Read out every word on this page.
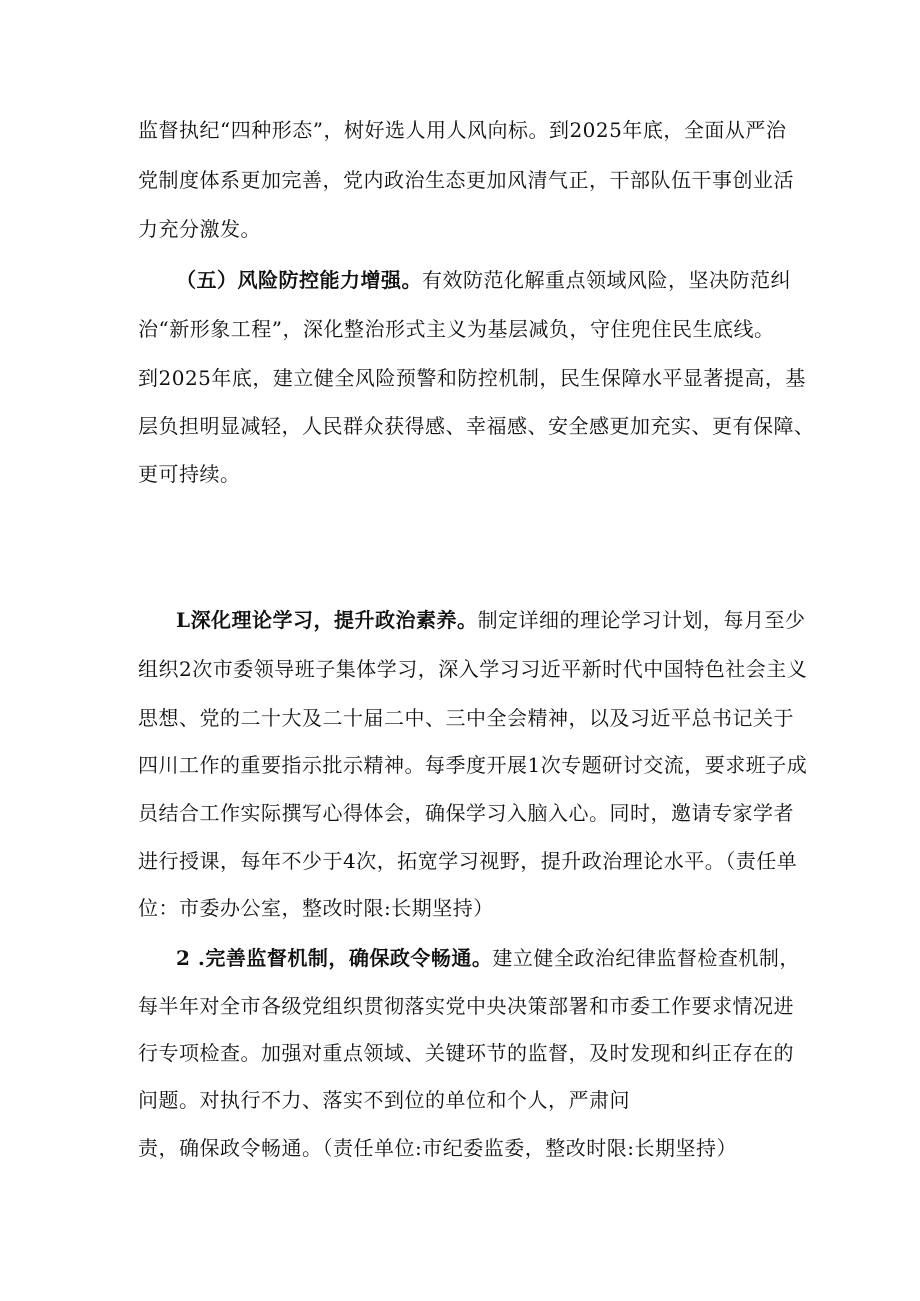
监督执纪“四种形态”，树好选人用人风向标。到2025年底，全面从严治
党制度体系更加完善，党内政治生态更加风清气正，干部队伍干事创业活
力充分激发。
（五）风险防控能力增强。有效防范化解重点领域风险，坚决防范纠
治“新形象工程”，深化整治形式主义为基层减负，守住兜住民生底线。
到2025年底，建立健全风险预警和防控机制，民生保障水平显著提高，基
层负担明显减轻，人民群众获得感、幸福感、安全感更加充实、更有保障、
更可持续。
L深化理论学习，提升政治素养。制定详细的理论学习计划，每月至少
组织2次市委领导班子集体学习，深入学习习近平新时代中国特色社会主义
思想、党的二十大及二十届二中、三中全会精神，以及习近平总书记关于
四川工作的重要指示批示精神。每季度开展1次专题研讨交流，要求班子成
员结合工作实际撰写心得体会，确保学习入脑入心。同时，邀请专家学者
进行授课，每年不少于4次，拓宽学习视野，提升政治理论水平。（责任单
位：市委办公室，整改时限:长期坚持）
2 .完善监督机制，确保政令畅通。建立健全政治纪律监督检查机制，
每半年对全市各级党组织贯彻落实党中央决策部署和市委工作要求情况进
行专项检查。加强对重点领域、关键环节的监督，及时发现和纠正存在的
问题。对执行不力、落实不到位的单位和个人，严肃问
责，确保政令畅通。（责任单位:市纪委监委，整改时限:长期坚持）
